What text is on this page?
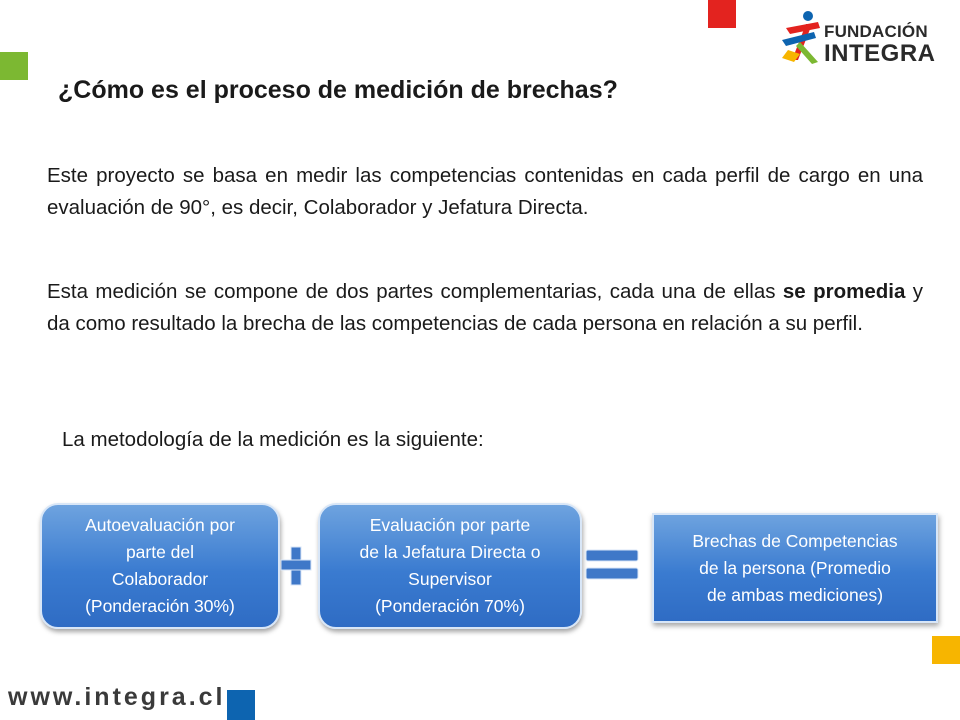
FUNDACIÓN
INTEGRA
¿Cómo es el proceso de medición de brechas?
Este proyecto se basa en medir las competencias contenidas en cada perfil de cargo en una evaluación de 90°, es decir, Colaborador y Jefatura Directa.
Esta medición se compone de dos partes complementarias, cada una de ellas se promedia y da como resultado la brecha de las competencias de cada persona en relación a su perfil.
La metodología de la medición es la siguiente:
Autoevaluación por
parte del
Colaborador
(Ponderación 30%)
Evaluación por parte
de la Jefatura Directa o
Supervisor
(Ponderación 70%)
Brechas de Competencias
de la persona (Promedio
de ambas mediciones)
www.integra.cl
